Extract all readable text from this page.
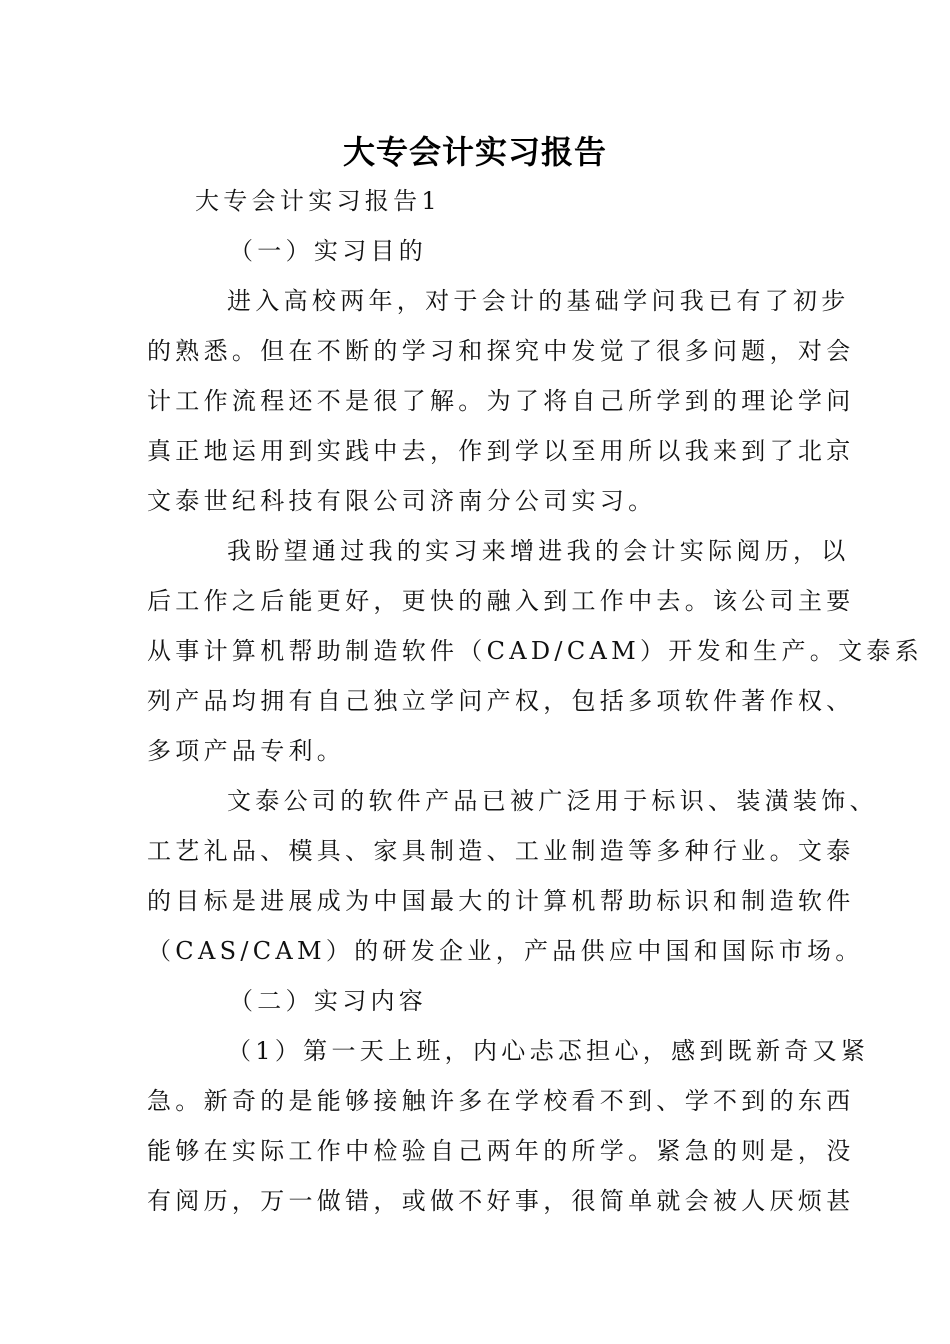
大专会计实习报告
大专会计实习报告1
（一）实习目的
进入高校两年，对于会计的基础学问我已有了初步
的熟悉。但在不断的学习和探究中发觉了很多问题，对会
计工作流程还不是很了解。为了将自己所学到的理论学问
真正地运用到实践中去，作到学以至用所以我来到了北京
文泰世纪科技有限公司济南分公司实习。
我盼望通过我的实习来增进我的会计实际阅历，以
后工作之后能更好，更快的融入到工作中去。该公司主要
从事计算机帮助制造软件（CAD/CAM）开发和生产。文泰系
列产品均拥有自己独立学问产权，包括多项软件著作权、
多项产品专利。
文泰公司的软件产品已被广泛用于标识、装潢装饰、
工艺礼品、模具、家具制造、工业制造等多种行业。文泰
的目标是进展成为中国最大的计算机帮助标识和制造软件
（CAS/CAM）的研发企业，产品供应中国和国际市场。
（二）实习内容
（1）第一天上班，内心忐忑担心，感到既新奇又紧
急。新奇的是能够接触许多在学校看不到、学不到的东西
能够在实际工作中检验自己两年的所学。紧急的则是，没
有阅历，万一做错，或做不好事，很简单就会被人厌烦甚
